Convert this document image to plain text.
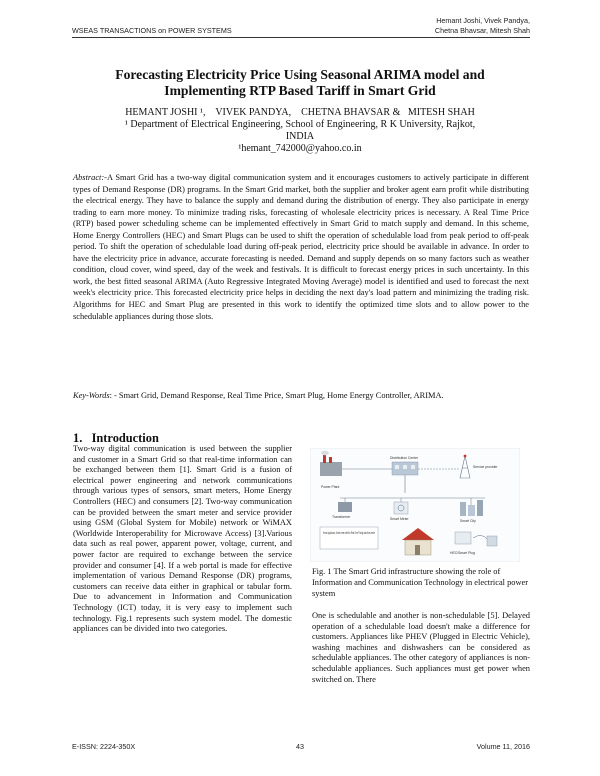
WSEAS TRANSACTIONS on POWER SYSTEMS
Hemant Joshi, Vivek Pandya,
Chetna Bhavsar, Mitesh Shah
Forecasting Electricity Price Using Seasonal ARIMA model and
Implementing RTP Based Tariff in Smart Grid
HEMANT JOSHI ¹,    VIVEK PANDYA,    CHETNA BHAVSAR &   MITESH SHAH
¹ Department of Electrical Engineering, School of Engineering, R K University, Rajkot,
INDIA
¹hemant_742000@yahoo.co.in
Abstract:-A Smart Grid has a two-way digital communication system and it encourages customers to actively participate in different types of Demand Response (DR) programs. In the Smart Grid market, both the supplier and broker agent earn profit while distributing the electrical energy. They have to balance the supply and demand during the distribution of energy. They also participate in energy trading to earn more money. To minimize trading risks, forecasting of wholesale electricity prices is necessary. A Real Time Price (RTP) based power scheduling scheme can be implemented effectively in Smart Grid to match supply and demand. In this scheme, Home Energy Controllers (HEC) and Smart Plugs can be used to shift the operation of schedulable load from peak period to off-peak period. To shift the operation of schedulable load during off-peak period, electricity price should be available in advance. In order to have the electricity price in advance, accurate forecasting is needed. Demand and supply depends on so many factors such as weather condition, cloud cover, wind speed, day of the week and festivals. It is difficult to forecast energy prices in such uncertainty. In this work, the best fitted seasonal ARIMA (Auto Regressive Integrated Moving Average) model is identified and used to forecast the next week's electricity price. This forecasted electricity price helps in deciding the next day's load pattern and minimizing the trading risk. Algorithms for HEC and Smart Plug are presented in this work to identify the optimized time slots and to allow power to the schedulable appliances during those slots.
Key-Words: - Smart Grid, Demand Response, Real Time Price, Smart Plug, Home Energy Controller, ARIMA.
1.   Introduction
Two-way digital communication is used between the supplier and customer in a Smart Grid so that real-time information can be exchanged between them [1]. Smart Grid is a fusion of electrical power engineering and network communications through various types of sensors, smart meters, Home Energy Controllers (HEC) and consumers [2]. Two-way communication can be provided between the smart meter and service provider using GSM (Global System for Mobile) network or WiMAX (Worldwide Interoperability for Microwave Access) [3].Various data such as real power, apparent power, voltage, current, and power factor are required to exchange between the service provider and consumer [4]. If a web portal is made for effective implementation of various Demand Response (DR) programs, customers can receive data either in graphical or tabular form. Due to advancement in Information and Communication Technology (ICT) today, it is very easy to implement such technology. Fig.1 represents such system model. The domestic appliances can be divided into two categories.
Power Plant
Distribution Center
Service provider
Transformer	Smart Meter	Smart City
Home Appliances, Smart meter with the Real Time Pricing data from center
HEC/Smart Plug
Fig. 1 The Smart Grid infrastructure showing the role of Information and Communication Technology in electrical power system
One is schedulable and another is non-schedulable [5]. Delayed operation of a schedulable load doesn't make a difference for customers. Appliances like PHEV (Plugged in Electric Vehicle), washing machines and dishwashers can be considered as schedulable appliances. The other category of appliances is non-schedulable appliances. Such appliances must get power when switched on. There
E-ISSN: 2224-350X	43	Volume 11, 2016
